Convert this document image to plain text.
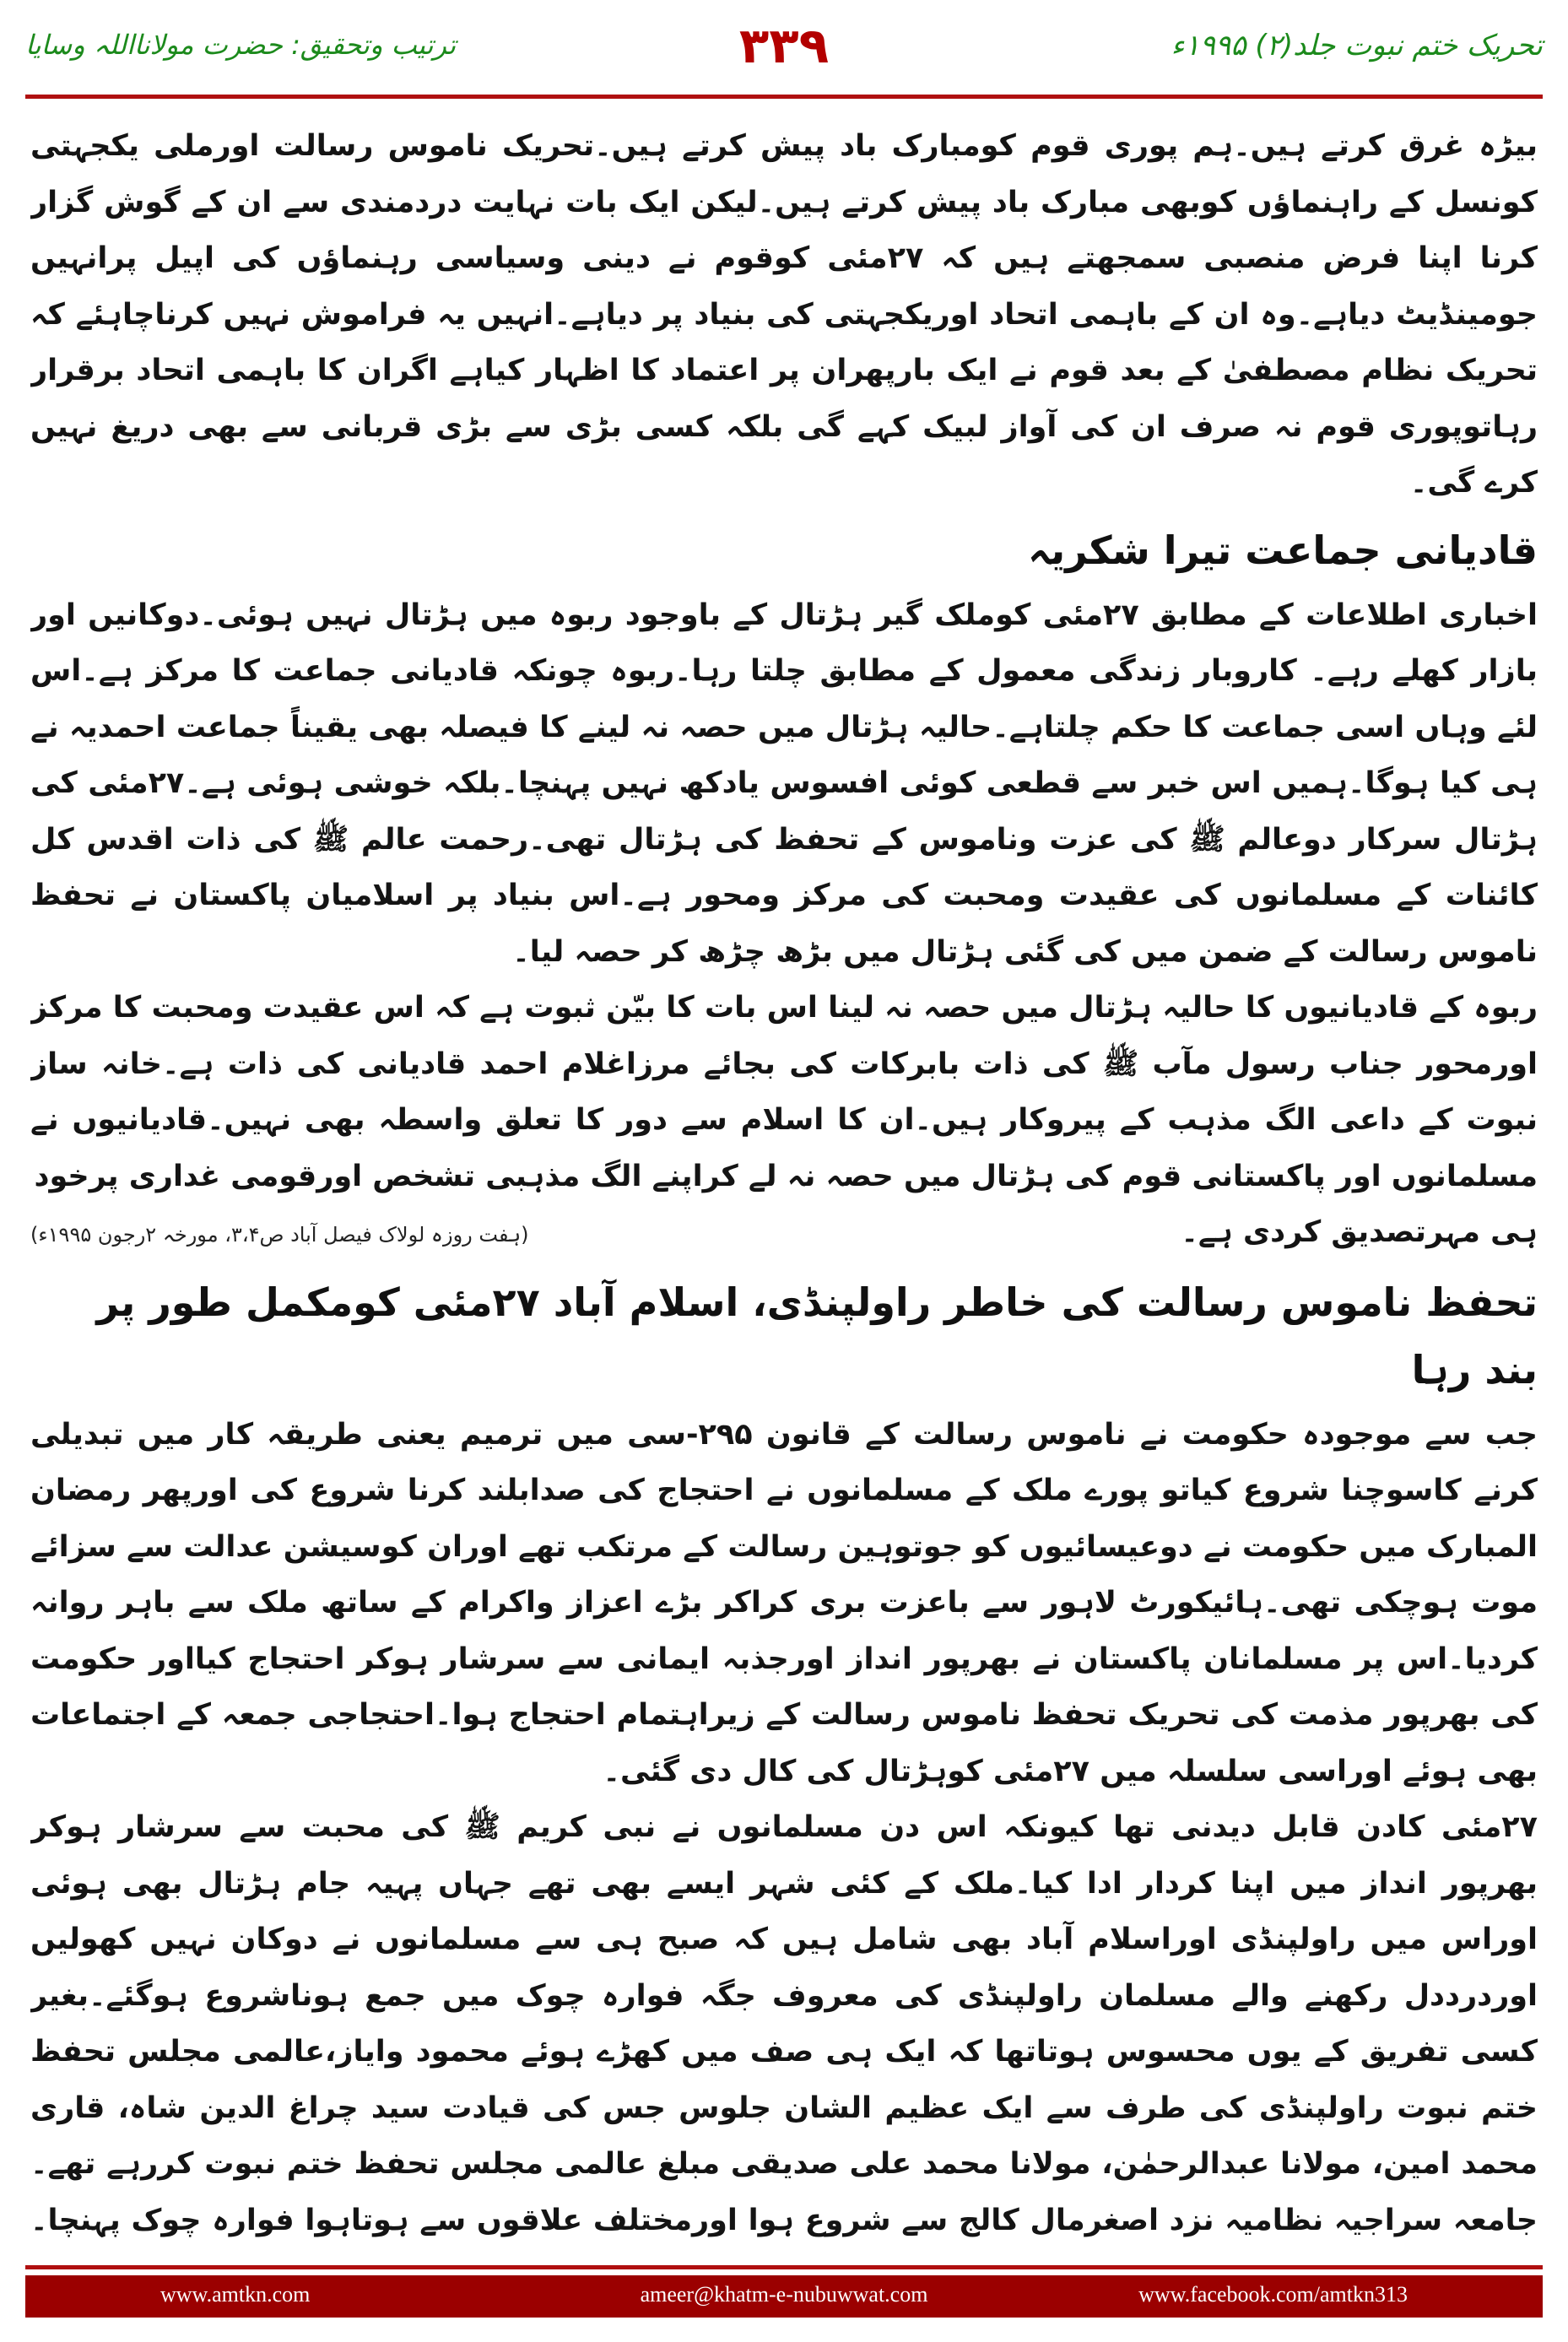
ترتیب وتحقیق: حضرت مولانااللہ وسایا	۳۳۹	تحریک ختم نبوت جلد(۲) ۱۹۹۵ء

بیڑہ غرق کرتے ہیں۔ہم پوری قوم کومبارک باد پیش کرتے ہیں۔تحریک ناموس رسالت اورملی یکجہتی کونسل کے راہنماؤں کوبھی مبارک باد پیش کرتے ہیں۔لیکن ایک بات نہایت دردمندی سے ان کے گوش گزار کرنا اپنا فرض منصبی سمجھتے ہیں کہ ۲۷مئی کوقوم نے دینی وسیاسی رہنماؤں کی اپیل پرانہیں جومینڈیٹ دیاہے۔وہ ان کے باہمی اتحاد اوریکجہتی کی بنیاد پر دیاہے۔انہیں یہ فراموش نہیں کرناچاہئے کہ تحریک نظام مصطفیٰ کے بعد قوم نے ایک بارپھران پر اعتماد کا اظہار کیاہے اگران کا باہمی اتحاد برقرار رہاتوپوری قوم نہ صرف ان کی آواز لبیک کہے گی بلکہ کسی بڑی سے بڑی قربانی سے بھی دریغ نہیں کرے گی۔

قادیانی جماعت تیرا شکریہ

اخباری اطلاعات کے مطابق ۲۷مئی کوملک گیر ہڑتال کے باوجود ربوہ میں ہڑتال نہیں ہوئی۔دوکانیں اور بازار کھلے رہے۔ کاروبار زندگی معمول کے مطابق چلتا رہا۔ربوہ چونکہ قادیانی جماعت کا مرکز ہے۔اس لئے وہاں اسی جماعت کا حکم چلتاہے۔حالیہ ہڑتال میں حصہ نہ لینے کا فیصلہ بھی یقیناً جماعت احمدیہ نے ہی کیا ہوگا۔ہمیں اس خبر سے قطعی کوئی افسوس یادکھ نہیں پہنچا۔بلکہ خوشی ہوئی ہے۔۲۷مئی کی ہڑتال سرکار دوعالم ﷺ کی عزت وناموس کے تحفظ کی ہڑتال تھی۔رحمت عالم ﷺ کی ذات اقدس کل کائنات کے مسلمانوں کی عقیدت ومحبت کی مرکز ومحور ہے۔اس بنیاد پر اسلامیان پاکستان نے تحفظ ناموس رسالت کے ضمن میں کی گئی ہڑتال میں بڑھ چڑھ کر حصہ لیا۔

ربوہ کے قادیانیوں کا حالیہ ہڑتال میں حصہ نہ لینا اس بات کا بیّن ثبوت ہے کہ اس عقیدت ومحبت کا مرکز اورمحور جناب رسول مآب ﷺ کی ذات بابرکات کی بجائے مرزاغلام احمد قادیانی کی ذات ہے۔خانہ ساز نبوت کے داعی الگ مذہب کے پیروکار ہیں۔ان کا اسلام سے دور کا تعلق واسطہ بھی نہیں۔قادیانیوں نے مسلمانوں اور پاکستانی قوم کی ہڑتال میں حصہ نہ لے کراپنے الگ مذہبی تشخص اورقومی غداری پرخود

ہی مہرتصدیق کردی ہے۔
(ہفت روزہ لولاک فیصل آباد ص۳،۴، مورخہ ۲رجون ۱۹۹۵ء)
تحفظ ناموس رسالت کی خاطر راولپنڈی، اسلام آباد ۲۷مئی کومکمل طور پر بند رہا

جب سے موجودہ حکومت نے ناموس رسالت کے قانون ۲۹۵-سی میں ترمیم یعنی طریقہ کار میں تبدیلی کرنے کاسوچنا شروع کیاتو پورے ملک کے مسلمانوں نے احتجاج کی صدابلند کرنا شروع کی اورپھر رمضان المبارک میں حکومت نے دوعیسائیوں کو جوتوہین رسالت کے مرتکب تھے اوران کوسیشن عدالت سے سزائے موت ہوچکی تھی۔ہائیکورٹ لاہور سے باعزت بری کراکر بڑے اعزاز واکرام کے ساتھ ملک سے باہر روانہ کردیا۔اس پر مسلمانان پاکستان نے بھرپور انداز اورجذبہ ایمانی سے سرشار ہوکر احتجاج کیااور حکومت کی بھرپور مذمت کی تحریک تحفظ ناموس رسالت کے زیراہتمام احتجاج ہوا۔احتجاجی جمعہ کے اجتماعات بھی ہوئے اوراسی سلسلہ میں ۲۷مئی کوہڑتال کی کال دی گئی۔

۲۷مئی کادن قابل دیدنی تھا کیونکہ اس دن مسلمانوں نے نبی کریم ﷺ کی محبت سے سرشار ہوکر بھرپور انداز میں اپنا کردار ادا کیا۔ملک کے کئی شہر ایسے بھی تھے جہاں پہیہ جام ہڑتال بھی ہوئی اوراس میں راولپنڈی اوراسلام آباد بھی شامل ہیں کہ صبح ہی سے مسلمانوں نے دوکان نہیں کھولیں اوردرددل رکھنے والے مسلمان راولپنڈی کی معروف جگہ فوارہ چوک میں جمع ہوناشروع ہوگئے۔بغیر کسی تفریق کے یوں محسوس ہوتاتھا کہ ایک ہی صف میں کھڑے ہوئے محمود وایاز،عالمی مجلس تحفظ ختم نبوت راولپنڈی کی طرف سے ایک عظیم الشان جلوس جس کی قیادت سید چراغ الدین شاہ، قاری محمد امین، مولانا عبدالرحمٰن، مولانا محمد علی صدیقی مبلغ عالمی مجلس تحفظ ختم نبوت کررہے تھے۔جامعہ سراجیہ نظامیہ نزد اصغرمال کالج سے شروع ہوا اورمختلف علاقوں سے ہوتاہوا فوارہ چوک پہنچا۔

www.amtkn.com	ameer@khatm-e-nubuwwat.com	www.facebook.com/amtkn313
